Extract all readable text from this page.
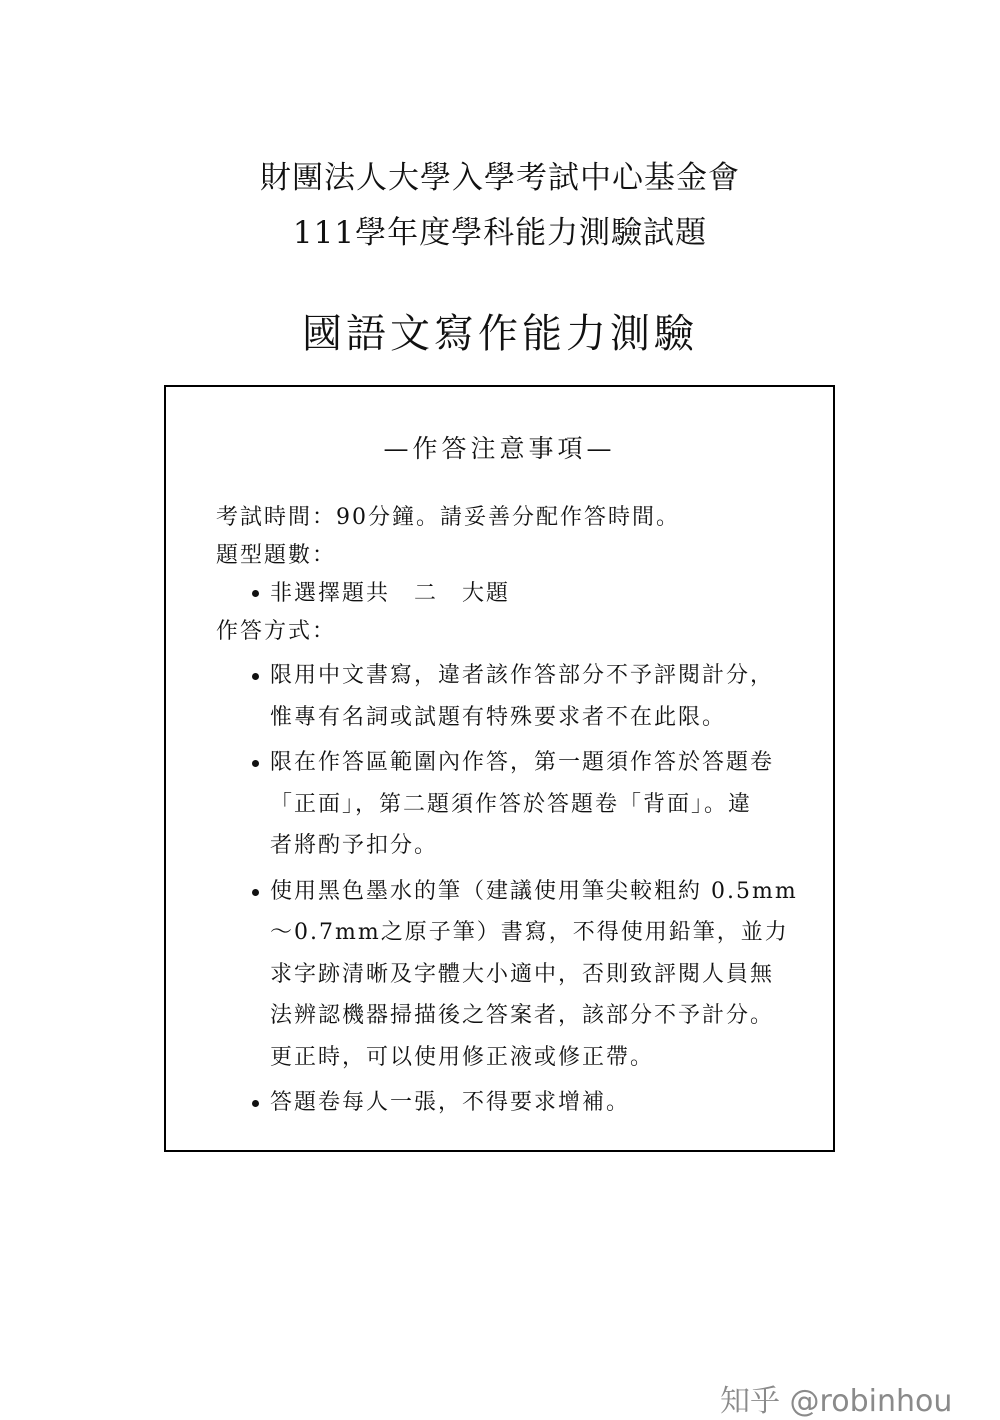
財團法人大學入學考試中心基金會
111學年度學科能力測驗試題
國語文寫作能力測驗
—作答注意事項—
考試時間：90分鐘。請妥善分配作答時間。
題型題數：
非選擇題共　二　大題
作答方式：
限用中文書寫，違者該作答部分不予評閱計分，
惟專有名詞或試題有特殊要求者不在此限。
限在作答區範圍內作答，第一題須作答於答題卷
「正面」，第二題須作答於答題卷「背面」。違
者將酌予扣分。
使用黑色墨水的筆（建議使用筆尖較粗約 0.5mm
～0.7mm之原子筆）書寫，不得使用鉛筆，並力
求字跡清晰及字體大小適中，否則致評閱人員無
法辨認機器掃描後之答案者，該部分不予計分。
更正時，可以使用修正液或修正帶。
答題卷每人一張，不得要求增補。
知乎 @robinhou
